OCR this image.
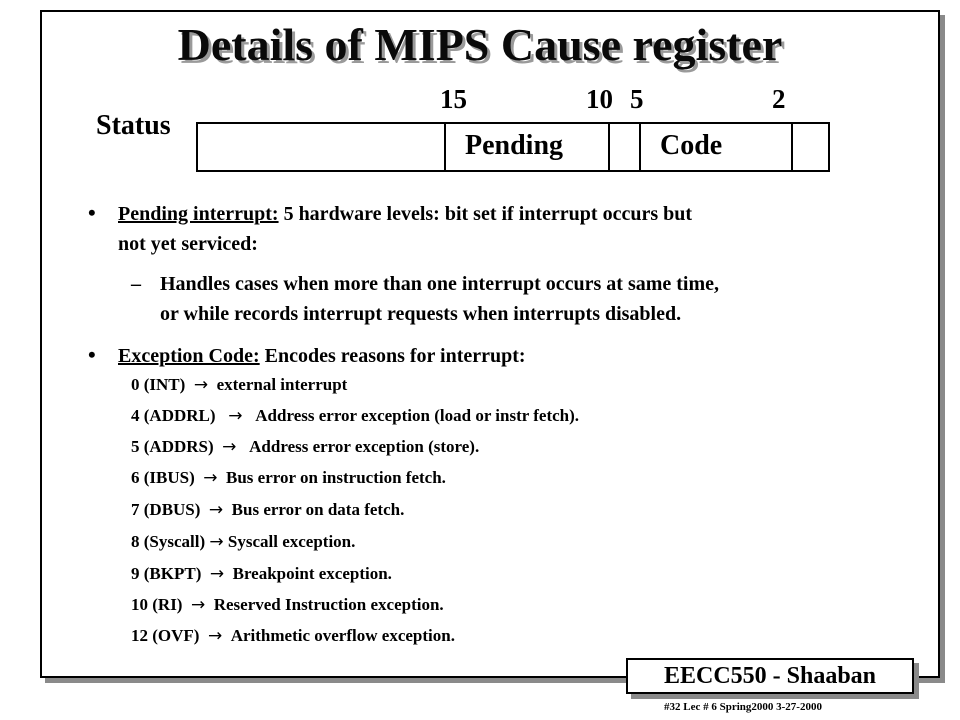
Details of MIPS Cause register
Status
15	10 5	2
Pending	Code
• Pending interrupt: 5 hardware levels: bit set if interrupt occurs but
not yet serviced:
– Handles cases when more than one interrupt occurs at same time,
or while records interrupt requests when interrupts disabled.
• Exception Code: Encodes reasons for interrupt:
0 (INT) → external interrupt
4 (ADDRL) → Address error exception (load or instr fetch).
5 (ADDRS) → Address error exception (store).
6 (IBUS) → Bus error on instruction fetch.
7 (DBUS) → Bus error on data fetch.
8 (Syscall) → Syscall exception.
9 (BKPT) → Breakpoint exception.
10 (RI) → Reserved Instruction exception.
12 (OVF) → Arithmetic overflow exception.
EECC550 - Shaaban
#32 Lec # 6 Spring2000 3-27-2000
